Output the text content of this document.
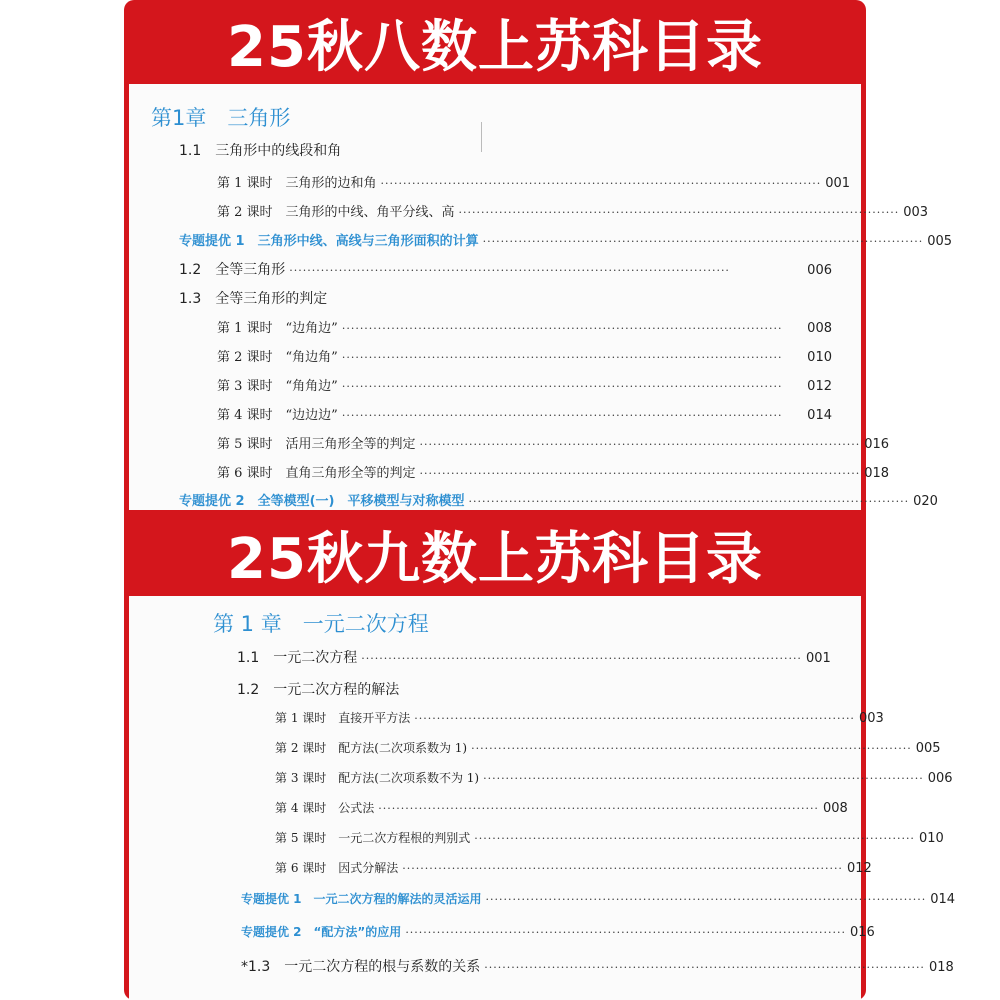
25秋八数上苏科目录
第1章　三角形
1.1　三角形中的线段和角
第 1 课时　三角形的边和角 ·································································································· 001
第 2 课时　三角形的中线、角平分线、高 ·································································································· 003
专题提优 1　三角形中线、高线与三角形面积的计算 ·································································································· 005
1.2　全等三角形 ··································································································	006
1.3　全等三角形的判定
第 1 课时　“边角边” ··································································································	008
第 2 课时　“角边角” ··································································································	010
第 3 课时　“角角边” ··································································································	012
第 4 课时　“边边边” ··································································································	014
第 5 课时　活用三角形全等的判定 ·································································································· 016
第 6 课时　直角三角形全等的判定 ·································································································· 018
专题提优 2　全等模型(一)　平移模型与对称模型 ·································································································· 020
25秋九数上苏科目录
第 1 章　一元二次方程
1.1　一元二次方程 ·································································································· 001
1.2　一元二次方程的解法
第 1 课时　直接开平方法 ·································································································· 003
第 2 课时　配方法(二次项系数为 1) ·································································································· 005
第 3 课时　配方法(二次项系数不为 1) ·································································································· 006
第 4 课时　公式法 ·································································································· 008
第 5 课时　一元二次方程根的判别式 ·································································································· 010
第 6 课时　因式分解法 ·································································································· 012
专题提优 1　一元二次方程的解法的灵活运用 ·································································································· 014
专题提优 2　“配方法”的应用 ·································································································· 016
*1.3　一元二次方程的根与系数的关系 ·································································································· 018
